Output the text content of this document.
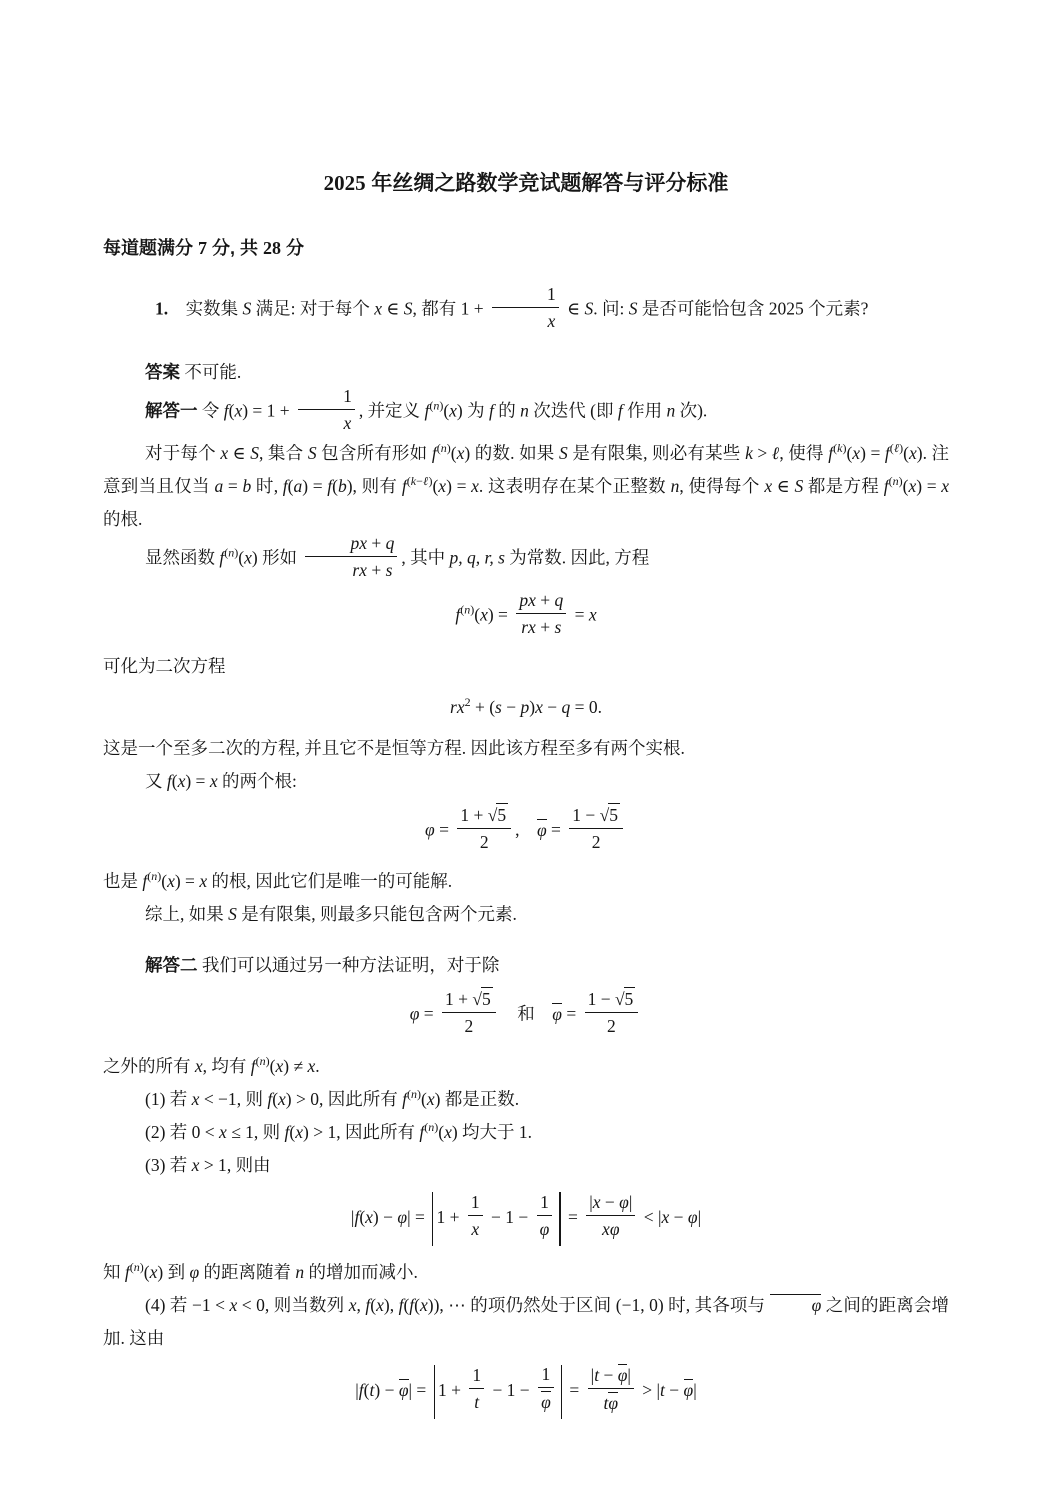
2025 年丝绸之路数学竞试题解答与评分标准

每道题满分 7 分, 共 28 分

1. 实数集 S 满足: 对于每个 x ∈ S, 都有 $1 + \frac{1}{x}$ ∈ S. 问: S 是否可能恰包含 2025 个元素?

答案 不可能.

解答一 令 $f(x) = 1 + \frac{1}{x}$ , 并定义 $f^{(n)}(x)$ 为 f 的 n 次迭代 (即 f 作用 n 次).

对于每个 x ∈ S, 集合 S 包含所有形如 $f^{(n)}(x)$ 的数. 如果 S 是有限集, 则必有某些 k > ℓ, 使得 $f^{(k)}(x) = f^{(\ell)}(x)$. 注意到当且仅当 a = b 时, f(a) = f(b), 则有 $f^{(k-\ell)}(x) = x$. 这表明存在某个正整数 n, 使得每个 x ∈ S 都是方程 $f^{(n)}(x) = x$ 的根.

显然函数 $f^{(n)}(x)$ 形如 $\frac{px + q}{rx + s}$ , 其中 p, q, r, s 为常数. 因此, 方程

$f^{(n)}(x) = \frac{px + q}{rx + s} = x$

可化为二次方程

$rx^2 + (s - p)x - q = 0$.

这是一个至多二次的方程, 并且它不是恒等方程. 因此该方程至多有两个实根.

又 f(x) = x 的两个根:

$\varphi = \frac{1 + √5}{2}$ ,  $\varphi = \frac{1 - √5}{2}$

也是 $f^{(n)}(x) = x$ 的根, 因此它们是唯一的可能解.

综上, 如果 S 是有限集, 则最多只能包含两个元素.

解答二 我们可以通过另一种方法证明，对于除

$\varphi = \frac{1 + √5}{2}$  和 $\varphi = \frac{1 - √5}{2}$

之外的所有 x, 均有 $f^{(n)}(x) \ne x$.

(1) 若 x < −1, 则 f(x) > 0, 因此所有 $f^{(n)}(x)$ 都是正数.

(2) 若 0 < x ≤ 1, 则 f(x) > 1, 因此所有 $f^{(n)}(x)$ 均大于 1.

(3) 若 x > 1, 则由

$|f(x) - \varphi| = 1 + \frac{1}{x} - 1 - \frac{1}{\varphi} = \frac{|x - \varphi|}{x\varphi} < |x - \varphi|$

知 $f^{(n)}(x)$ 到 φ 的距离随着 n 的增加而减小.

(4) 若 −1 < x < 0, 则当数列 x, f(x), f(f(x)), ⋯ 的项仍然处于区间 (−1, 0) 时, 其各项与 φ 之间的距离会增加. 这由

$|f(t) - \varphi| = 1 + \frac{1}{t} - 1 - \frac{1}{\varphi} = \frac{|t - \varphi|}{t\varphi} > |t - \varphi|$
